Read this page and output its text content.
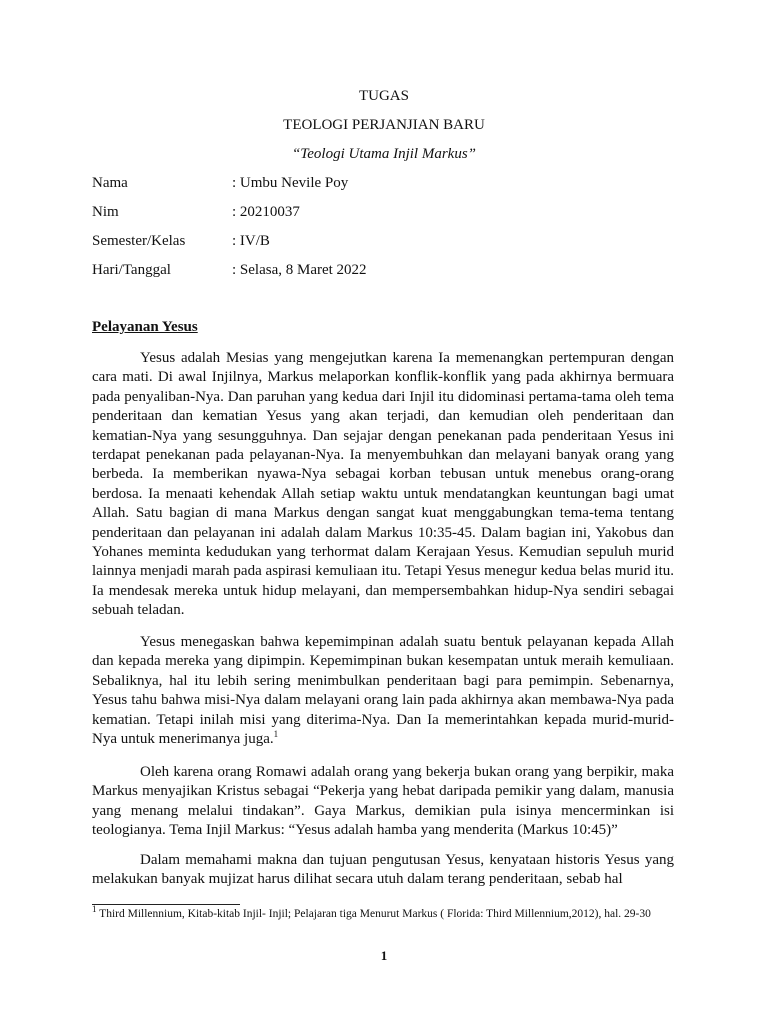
TUGAS
TEOLOGI PERJANJIAN BARU
“Teologi Utama Injil Markus”
Nama	: Umbu Nevile Poy
Nim	: 20210037
Semester/Kelas	: IV/B
Hari/Tanggal	: Selasa, 8 Maret 2022
Pelayanan Yesus

Yesus adalah Mesias yang mengejutkan karena Ia memenangkan pertempuran dengan cara mati. Di awal Injilnya, Markus melaporkan konflik-konflik yang pada akhirnya bermuara pada penyaliban-Nya. Dan paruhan yang kedua dari Injil itu didominasi pertama-tama oleh tema penderitaan dan kematian Yesus yang akan terjadi, dan kemudian oleh penderitaan dan kematian-Nya yang sesungguhnya. Dan sejajar dengan penekanan pada penderitaan Yesus ini terdapat penekanan pada pelayanan-Nya. Ia menyembuhkan dan melayani banyak orang yang berbeda. Ia memberikan nyawa-Nya sebagai korban tebusan untuk menebus orang-orang berdosa. Ia menaati kehendak Allah setiap waktu untuk mendatangkan keuntungan bagi umat Allah. Satu bagian di mana Markus dengan sangat kuat menggabungkan tema-tema tentang penderitaan dan pelayanan ini adalah dalam Markus 10:35-45. Dalam bagian ini, Yakobus dan Yohanes meminta kedudukan yang terhormat dalam Kerajaan Yesus. Kemudian sepuluh murid lainnya menjadi marah pada aspirasi kemuliaan itu. Tetapi Yesus menegur kedua belas murid itu. Ia mendesak mereka untuk hidup melayani, dan mempersembahkan hidup-Nya sendiri sebagai sebuah teladan.

Yesus menegaskan bahwa kepemimpinan adalah suatu bentuk pelayanan kepada Allah dan kepada mereka yang dipimpin. Kepemimpinan bukan kesempatan untuk meraih kemuliaan. Sebaliknya, hal itu lebih sering menimbulkan penderitaan bagi para pemimpin. Sebenarnya, Yesus tahu bahwa misi-Nya dalam melayani orang lain pada akhirnya akan membawa-Nya pada kematian. Tetapi inilah misi yang diterima-Nya. Dan Ia memerintahkan kepada murid-murid-Nya untuk menerimanya juga.$^1$

Oleh karena orang Romawi adalah orang yang bekerja bukan orang yang berpikir, maka Markus menyajikan Kristus sebagai “Pekerja yang hebat daripada pemikir yang dalam, manusia yang menang melalui tindakan”. Gaya Markus, demikian pula isinya mencerminkan isi teologianya. Tema Injil Markus: “Yesus adalah hamba yang menderita (Markus 10:45)”

Dalam memahami makna dan tujuan pengutusan Yesus, kenyataan historis Yesus yang melakukan banyak mujizat harus dilihat secara utuh dalam terang penderitaan, sebab hal

$^1$ Third Millennium, Kitab-kitab Injil- Injil; Pelajaran tiga Menurut Markus ( Florida: Third Millennium,2012), hal. 29-30
1
